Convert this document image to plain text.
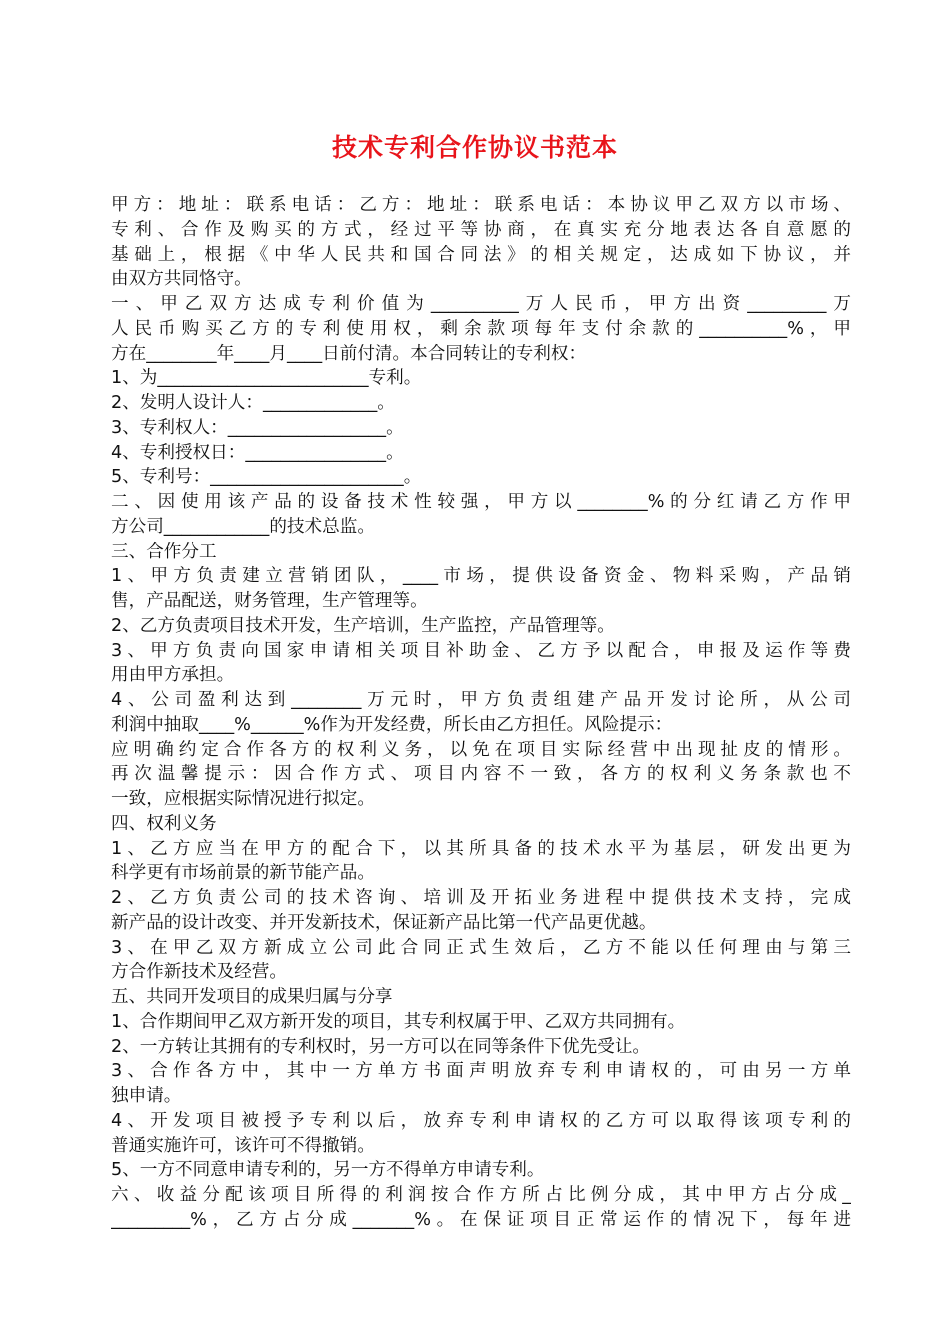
技术专利合作协议书范本
甲方：地址：联系电话：乙方：地址：联系电话：本协议甲乙双方以市场、
专利、合作及购买的方式，经过平等协商，在真实充分地表达各自意愿的
基础上，根据《中华人民共和国合同法》的相关规定，达成如下协议，并
由双方共同恪守。
一、甲乙双方达成专利价值为__________万人民币，甲方出资_________万
人民币购买乙方的专利使用权，剩余款项每年支付余款的__________%，甲
方在________年____月____日前付清。本合同转让的专利权：
1、为________________________专利。
2、发明人设计人：_____________。
3、专利权人：__________________。
4、专利授权日：________________。
5、专利号：______________________。
二、因使用该产品的设备技术性较强，甲方以________%的分红请乙方作甲
方公司____________的技术总监。
三、合作分工
1、甲方负责建立营销团队，____市场，提供设备资金、物料采购，产品销
售，产品配送，财务管理，生产管理等。
2、乙方负责项目技术开发，生产培训，生产监控，产品管理等。
3、甲方负责向国家申请相关项目补助金、乙方予以配合，申报及运作等费
用由甲方承担。
4、公司盈利达到________万元时，甲方负责组建产品开发讨论所，从公司
利润中抽取____%______%作为开发经费，所长由乙方担任。风险提示：
应明确约定合作各方的权利义务，以免在项目实际经营中出现扯皮的情形。
再次温馨提示：因合作方式、项目内容不一致，各方的权利义务条款也不
一致，应根据实际情况进行拟定。
四、权利义务
1、乙方应当在甲方的配合下，以其所具备的技术水平为基层，研发出更为
科学更有市场前景的新节能产品。
2、乙方负责公司的技术咨询、培训及开拓业务进程中提供技术支持，完成
新产品的设计改变、并开发新技术，保证新产品比第一代产品更优越。
3、在甲乙双方新成立公司此合同正式生效后，乙方不能以任何理由与第三
方合作新技术及经营。
五、共同开发项目的成果归属与分享
1、合作期间甲乙双方新开发的项目，其专利权属于甲、乙双方共同拥有。
2、一方转让其拥有的专利权时，另一方可以在同等条件下优先受让。
3、合作各方中，其中一方单方书面声明放弃专利申请权的，可由另一方单
独申请。
4、开发项目被授予专利以后，放弃专利申请权的乙方可以取得该项专利的
普通实施许可，该许可不得撤销。
5、一方不同意申请专利的，另一方不得单方申请专利。
六、收益分配该项目所得的利润按合作方所占比例分成，其中甲方占分成_
_________%，乙方占分成_______%。在保证项目正常运作的情况下，每年进
